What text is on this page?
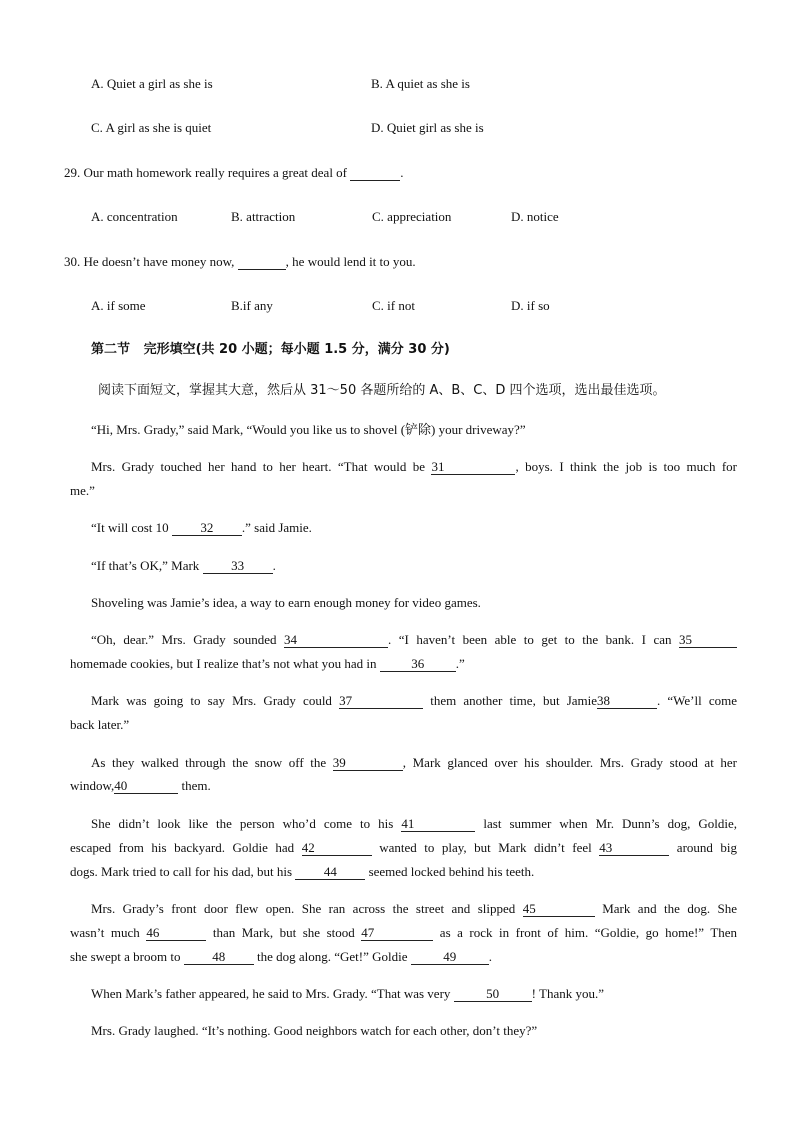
A. Quiet a girl as she is	B. A quiet as she is
C. A girl as she is quiet	D. Quiet girl as she is
29. Our math homework really requires a great deal of	.
A. concentration	B. attraction	C. appreciation	D. notice
30. He doesn’t have money now,	, he would lend it to you.
A. if some	B.if any	C. if not	D. if so
第二节   完形填空(共 20 小题；每小题 1.5 分，满分 30 分)
阅读下面短文，掌握其大意，然后从 31～50 各题所给的 A、B、C、D 四个选项，选出最佳选项。
“Hi, Mrs. Grady,” said Mark, “Would you like us to shovel (铲除) your driveway?”
Mrs. Grady touched her hand to her heart. “That would be 31	, boys. I think the job is too much for
me.”
“It will cost 10 32 .” said Jamie.
“If that’s OK,” Mark 33 .
Shoveling was Jamie’s idea, a way to earn enough money for video games.
“Oh, dear.” Mrs. Grady sounded 34	. “I haven’t been able to get to the bank. I can 35
homemade cookies, but I realize that’s not what you had in	36 .”
Mark was going to say Mrs. Grady could 37	them another time, but Jamie38	. “We’ll come
back later.”
As they walked through the snow off the 39	, Mark glanced over his shoulder. Mrs. Grady stood at her
window,40	them.
She didn’t look like the person who’d come to his 41	last summer when Mr. Dunn’s dog, Goldie,
escaped from his backyard. Goldie had 42	wanted to play, but Mark didn’t feel 43	around big
dogs. Mark tried to call for his dad, but his 44 seemed locked behind his teeth.
Mrs. Grady’s front door flew open. She ran across the street and slipped 45	Mark and the dog. She
wasn’t much 46	than Mark, but she stood 47	as a rock in front of him. “Goldie, go home!” Then
she swept a broom to 48 the dog along. “Get!” Goldie	49	.
When Mark’s father appeared, he said to Mrs. Grady. “That was very	50	! Thank you.”
Mrs. Grady laughed. “It’s nothing. Good neighbors watch for each other, don’t they?”
